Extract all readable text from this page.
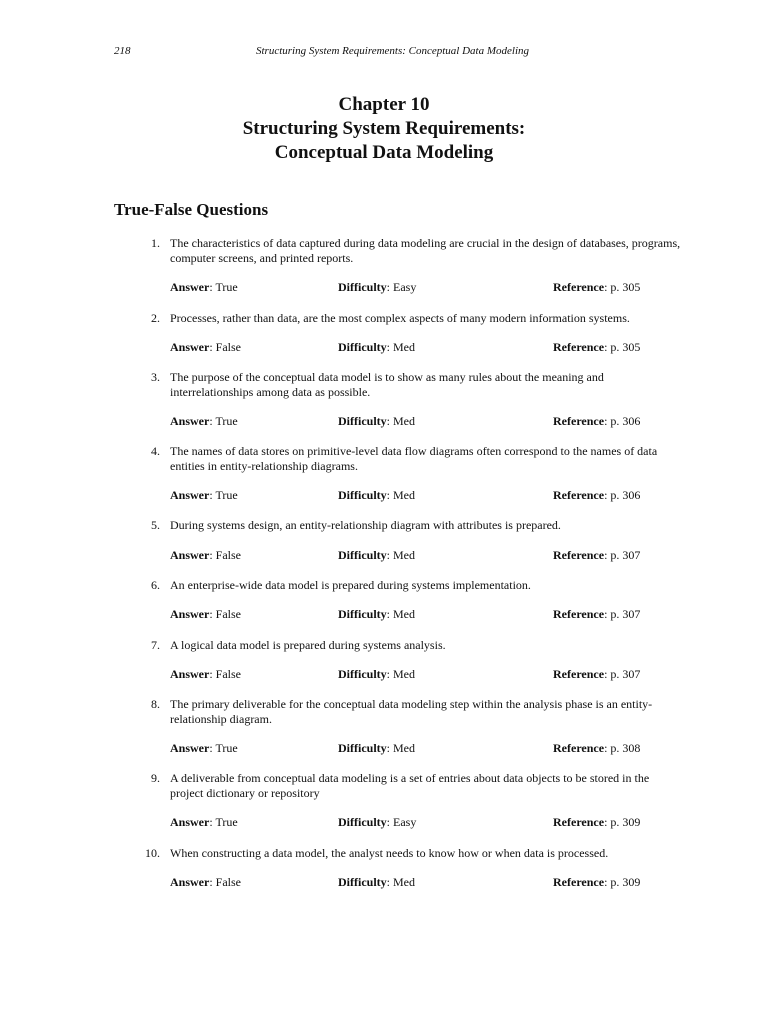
218	Structuring System Requirements: Conceptual Data Modeling
Chapter 10
Structuring System Requirements:
Conceptual Data Modeling
True-False Questions
1. The characteristics of data captured during data modeling are crucial in the design of databases, programs, computer screens, and printed reports.
Answer: True	Difficulty: Easy	Reference: p. 305
2. Processes, rather than data, are the most complex aspects of many modern information systems.
Answer: False	Difficulty: Med	Reference: p. 305
3. The purpose of the conceptual data model is to show as many rules about the meaning and interrelationships among data as possible.
Answer: True	Difficulty: Med	Reference: p. 306
4. The names of data stores on primitive-level data flow diagrams often correspond to the names of data entities in entity-relationship diagrams.
Answer: True	Difficulty: Med	Reference: p. 306
5. During systems design, an entity-relationship diagram with attributes is prepared.
Answer: False	Difficulty: Med	Reference: p. 307
6. An enterprise-wide data model is prepared during systems implementation.
Answer: False	Difficulty: Med	Reference: p. 307
7. A logical data model is prepared during systems analysis.
Answer: False	Difficulty: Med	Reference: p. 307
8. The primary deliverable for the conceptual data modeling step within the analysis phase is an entity-relationship diagram.
Answer: True	Difficulty: Med	Reference: p. 308
9. A deliverable from conceptual data modeling is a set of entries about data objects to be stored in the project dictionary or repository
Answer: True	Difficulty: Easy	Reference: p. 309
10. When constructing a data model, the analyst needs to know how or when data is processed.
Answer: False	Difficulty: Med	Reference: p. 309
